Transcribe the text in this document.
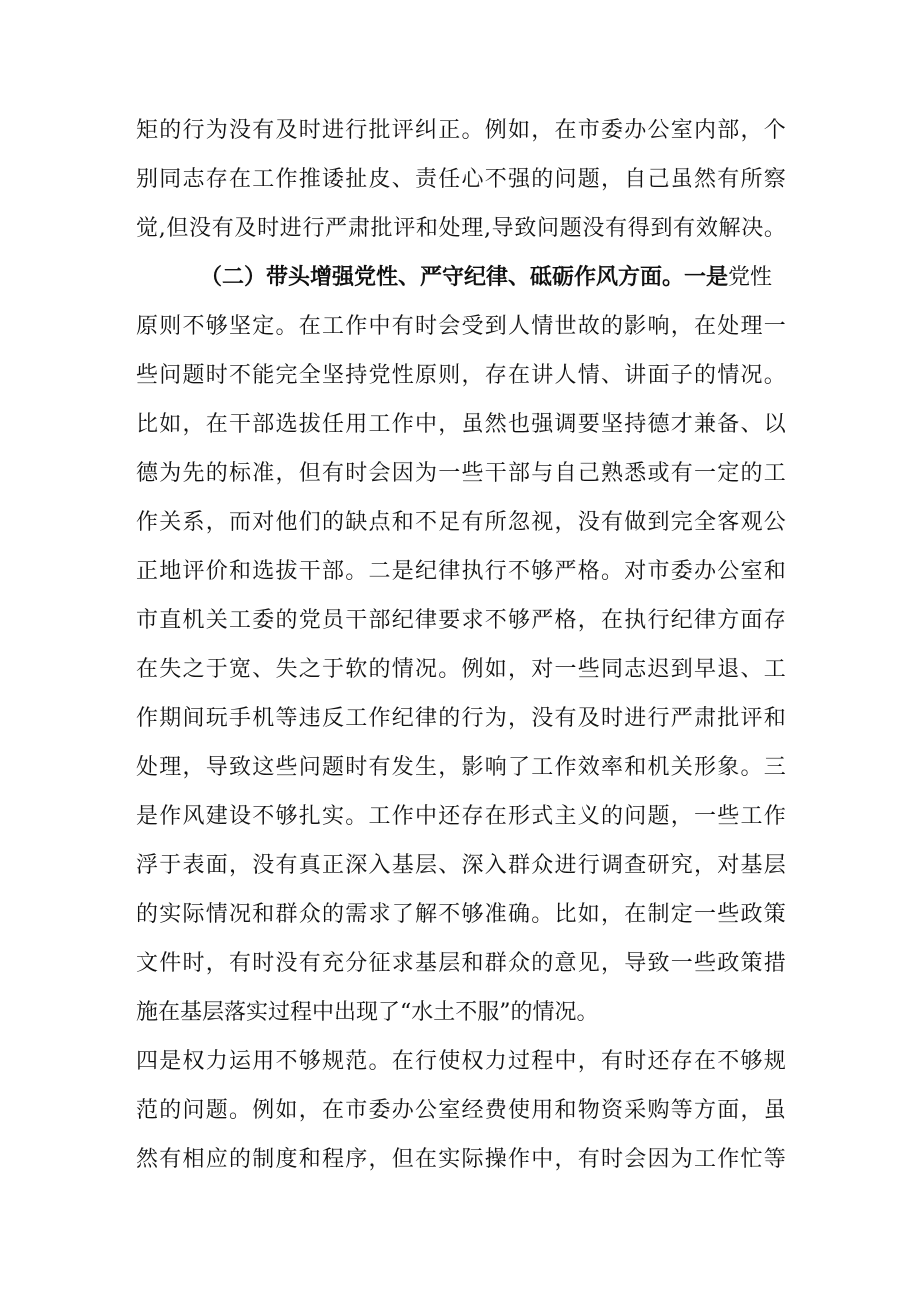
矩 的 行 为 没 有 及 时 进 行 批 评 纠 正 。 例 如 ， 在 市 委 办 公 室 内 部 ， 个
别 同 志 存 在 工 作 推 诿 扯 皮 、 责 任 心 不 强 的 问 题 ， 自 己 虽 然 有 所 察
觉 , 但 没 有 及 时 进 行 严 肃 批 评 和 处 理 , 导 致 问 题 没 有 得 到 有 效 解 决 。
（二）带头增强党性、严守纪律、砥砺作风方面。一是党性
原 则 不 够 坚 定 。 在 工 作 中 有 时 会 受 到 人 情 世 故 的 影 响 ， 在 处 理 一
些 问 题 时 不 能 完 全 坚 持 党 性 原 则 ， 存 在 讲 人 情 、 讲 面 子 的 情 况 。
比 如 ， 在 干 部 选 拔 任 用 工 作 中 ， 虽 然 也 强 调 要 坚 持 德 才 兼 备 、 以
德 为 先 的 标 准 ， 但 有 时 会 因 为 一 些 干 部 与 自 己 熟 悉 或 有 一 定 的 工
作 关 系 ， 而 对 他 们 的 缺 点 和 不 足 有 所 忽 视 ， 没 有 做 到 完 全 客 观 公
正 地 评 价 和 选 拔 干 部 。 二 是 纪 律 执 行 不 够 严 格 。 对 市 委 办 公 室 和
市 直 机 关 工 委 的 党 员 干 部 纪 律 要 求 不 够 严 格 ， 在 执 行 纪 律 方 面 存
在 失 之 于 宽 、 失 之 于 软 的 情 况 。 例 如 ， 对 一 些 同 志 迟 到 早 退 、 工
作 期 间 玩 手 机 等 违 反 工 作 纪 律 的 行 为 ， 没 有 及 时 进 行 严 肃 批 评 和
处 理 ， 导 致 这 些 问 题 时 有 发 生 ， 影 响 了 工 作 效 率 和 机 关 形 象 。 三
是 作 风 建 设 不 够 扎 实 。 工 作 中 还 存 在 形 式 主 义 的 问 题 ， 一 些 工 作
浮 于 表 面 ， 没 有 真 正 深 入 基 层 、 深 入 群 众 进 行 调 查 研 究 ， 对 基 层
的 实 际 情 况 和 群 众 的 需 求 了 解 不 够 准 确 。 比 如 ， 在 制 定 一 些 政 策
文 件 时 ， 有 时 没 有 充 分 征 求 基 层 和 群 众 的 意 见 ， 导 致 一 些 政 策 措
施在基层落实过程中出现了“水土不服”的情况。
四 是 权 力 运 用 不 够 规 范 。 在 行 使 权 力 过 程 中 ， 有 时 还 存 在 不 够 规
范 的 问 题 。 例 如 ， 在 市 委 办 公 室 经 费 使 用 和 物 资 采 购 等 方 面 ， 虽
然 有 相 应 的 制 度 和 程 序 ， 但 在 实 际 操 作 中 ， 有 时 会 因 为 工 作 忙 等
